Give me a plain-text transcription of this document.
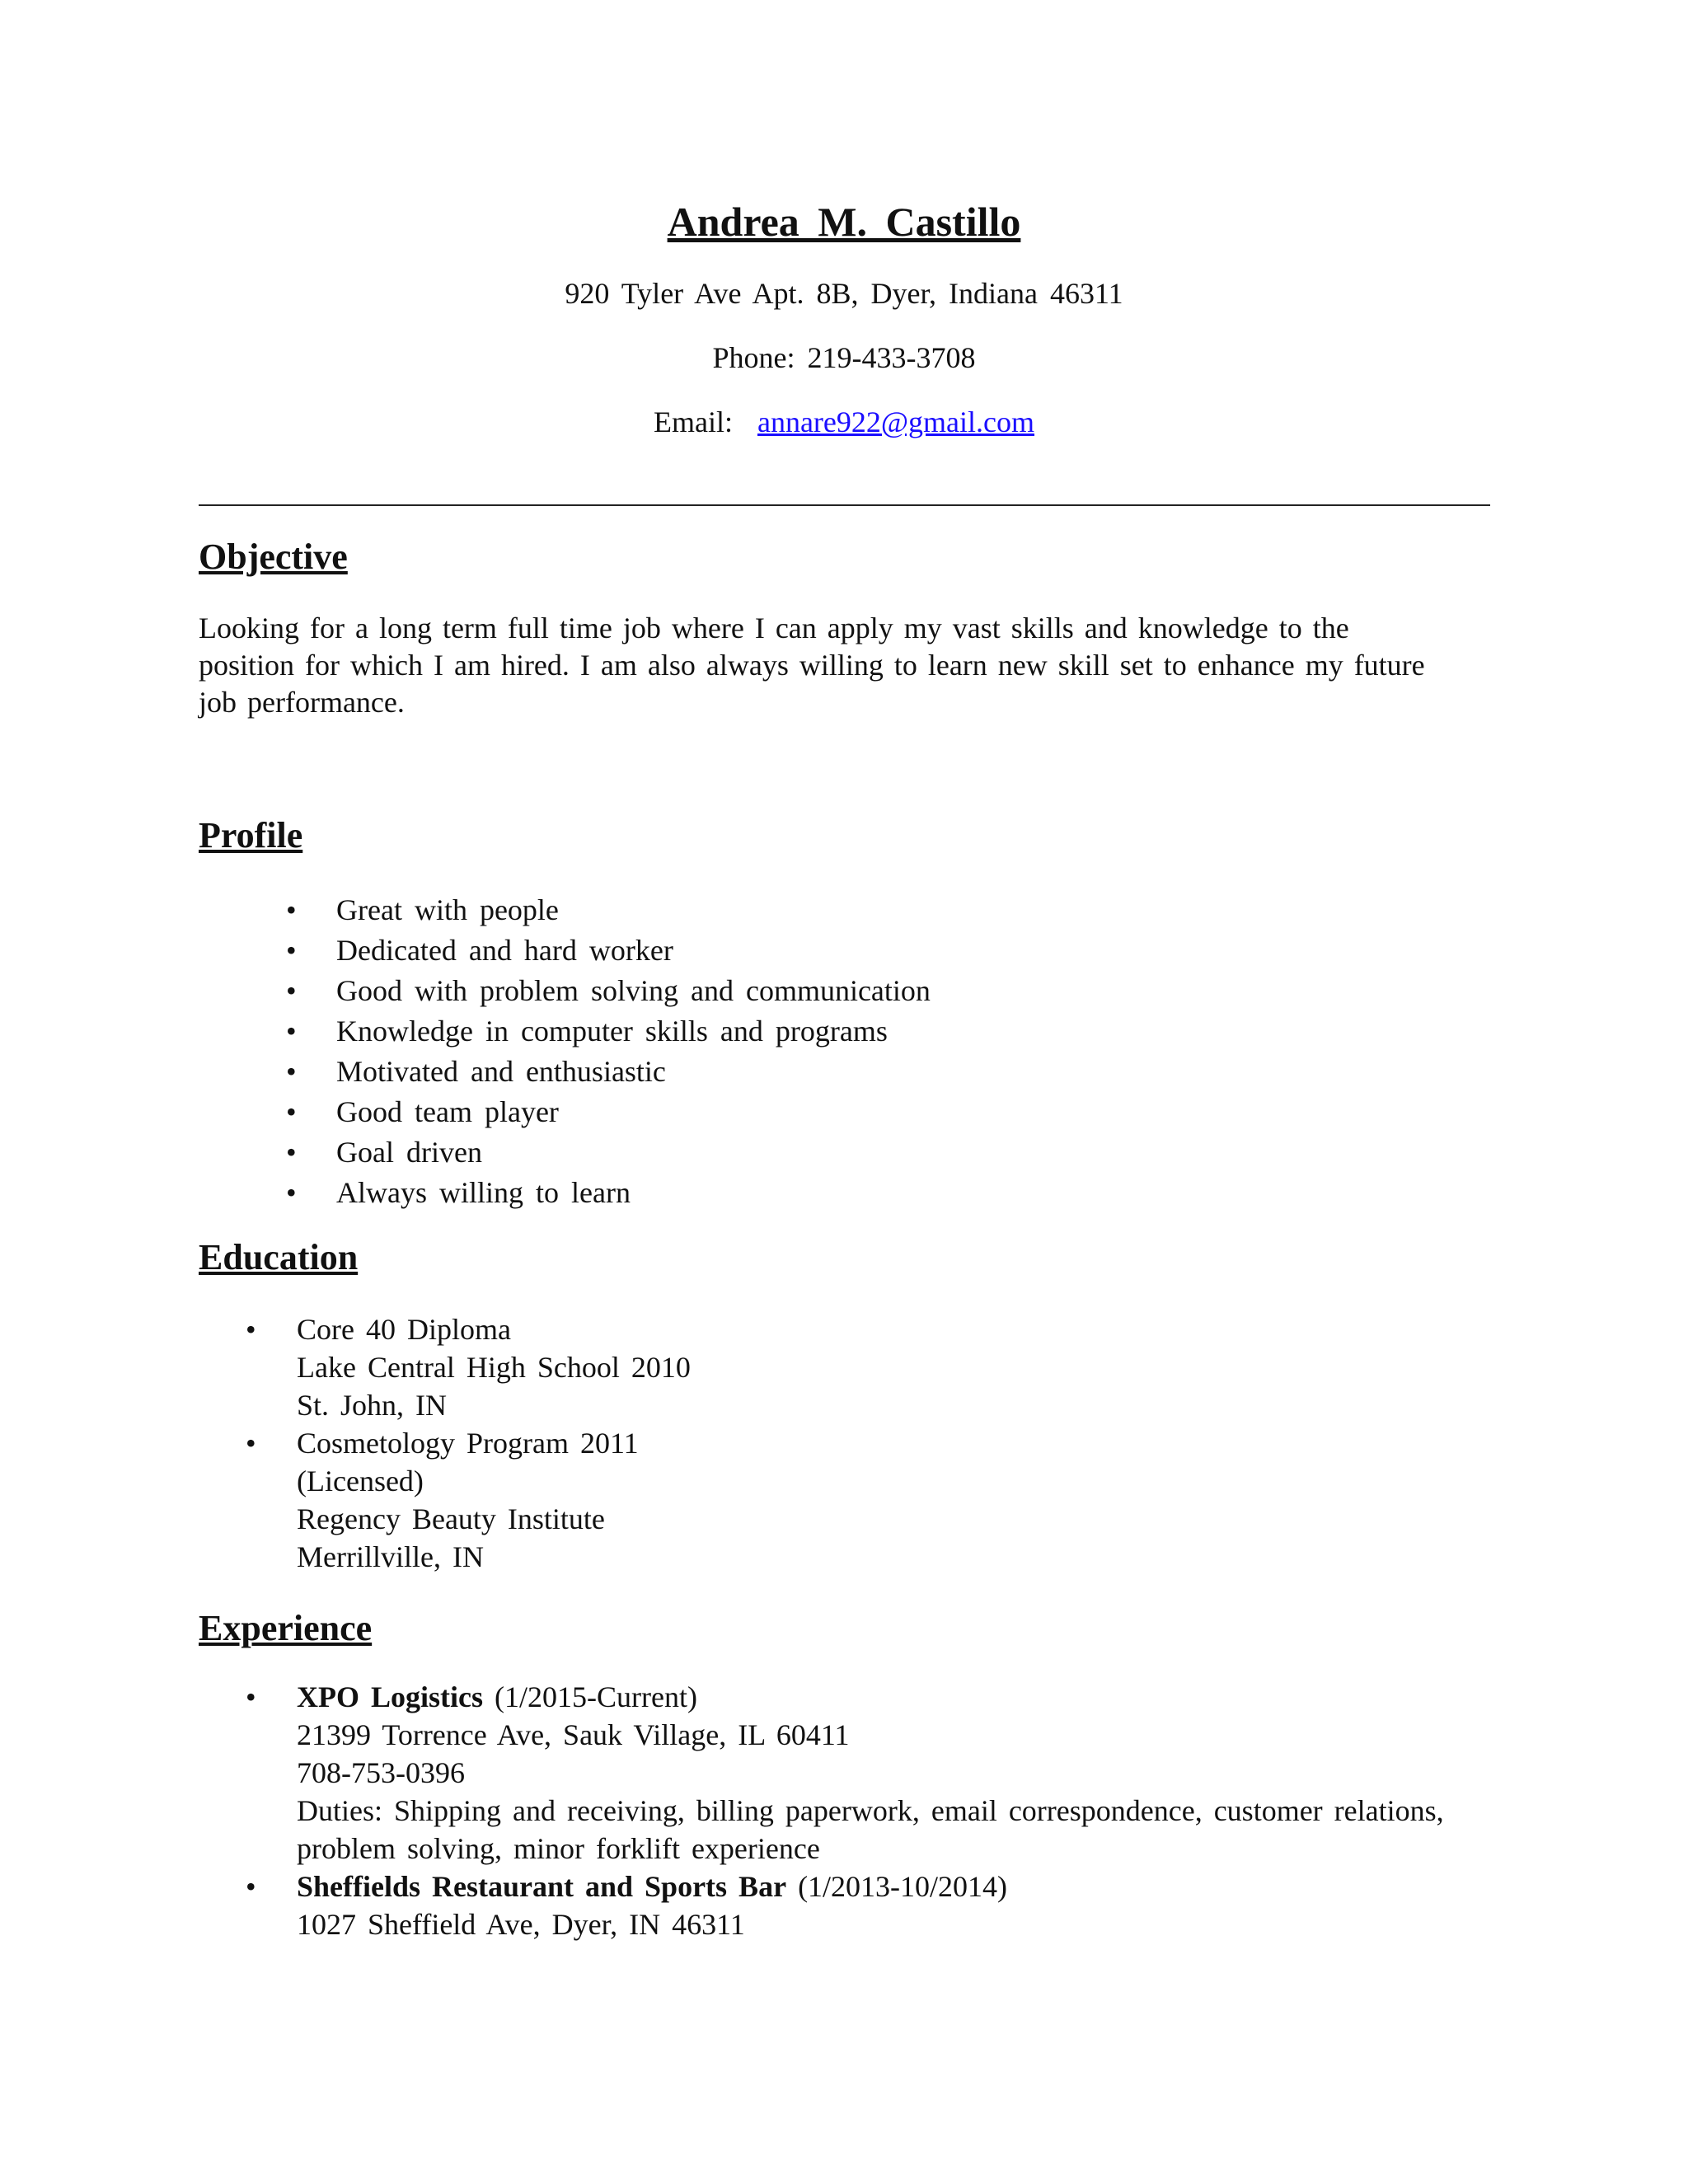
Andrea M. Castillo

920 Tyler Ave Apt. 8B, Dyer, Indiana 46311

Phone: 219-433-3708

Email: annare922@gmail.com

Objective

Looking for a long term full time job where I can apply my vast skills and knowledge to the position for which I am hired. I am also always willing to learn new skill set to enhance my future job performance.

Profile
• Great with people
• Dedicated and hard worker
• Good with problem solving and communication
• Knowledge in computer skills and programs
• Motivated and enthusiastic
• Good team player
• Goal driven
• Always willing to learn
Education
• Core 40 Diploma
Lake Central High School 2010
St. John, IN
• Cosmetology Program 2011
(Licensed)
Regency Beauty Institute
Merrillville, IN
Experience
• XPO Logistics (1/2015-Current)
21399 Torrence Ave, Sauk Village, IL 60411
708-753-0396
Duties: Shipping and receiving, billing paperwork, email correspondence, customer relations, problem solving, minor forklift experience
• Sheffields Restaurant and Sports Bar (1/2013-10/2014)
1027 Sheffield Ave, Dyer, IN 46311
